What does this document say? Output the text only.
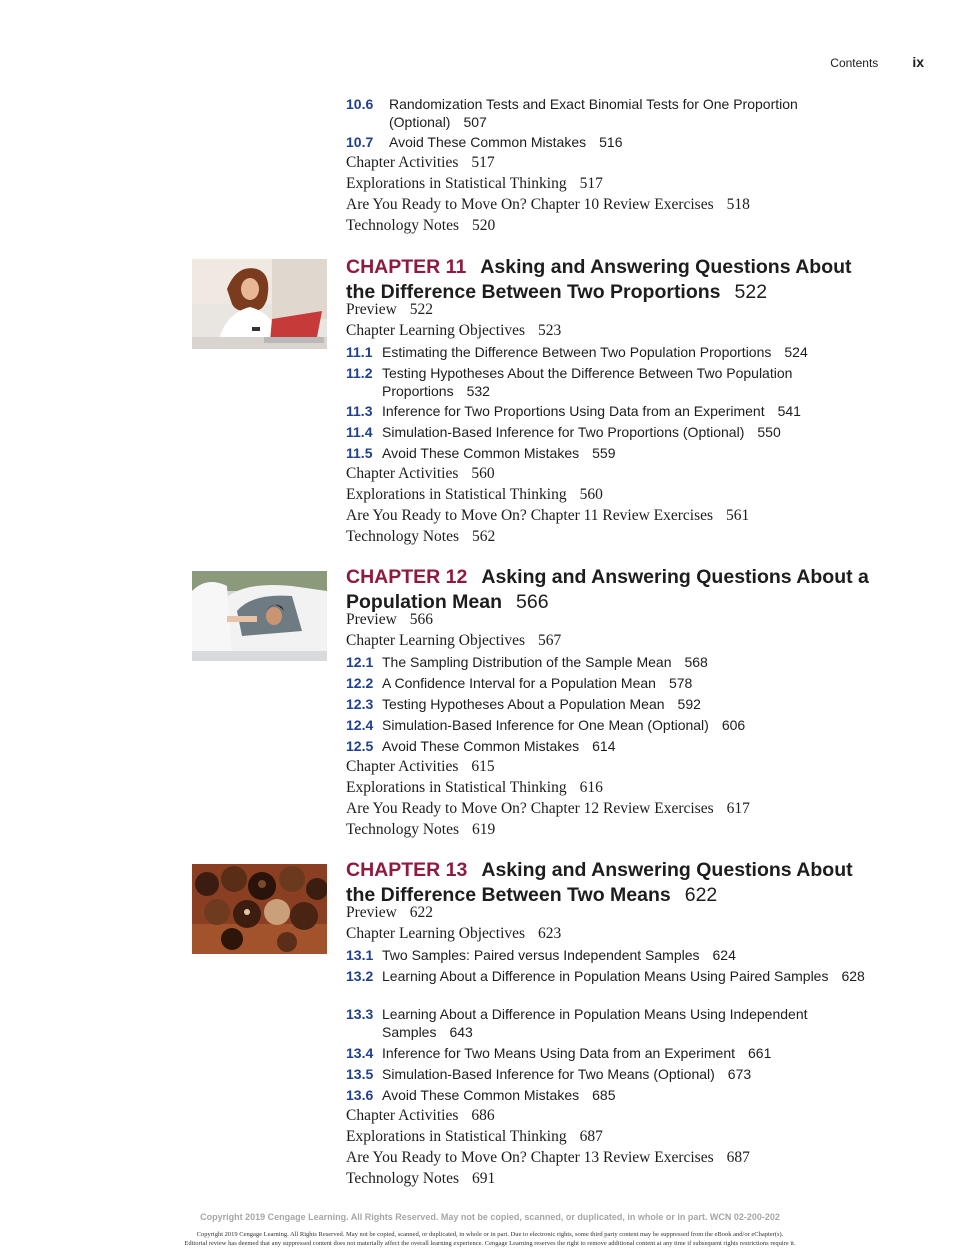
Contents ix
10.6	Randomization Tests and Exact Binomial Tests for One Proportion (Optional) 507
10.7	Avoid These Common Mistakes 516
Chapter Activities 517
Explorations in Statistical Thinking 517
Are You Ready to Move On? Chapter 10 Review Exercises 518
Technology Notes 520
CHAPTER 11 Asking and Answering Questions About the Difference Between Two Proportions 522
Preview 522
Chapter Learning Objectives 523
11.1 Estimating the Difference Between Two Population Proportions 524
11.2 Testing Hypotheses About the Difference Between Two Population Proportions 532
11.3 Inference for Two Proportions Using Data from an Experiment 541
11.4 Simulation-Based Inference for Two Proportions (Optional) 550
11.5 Avoid These Common Mistakes 559
Chapter Activities 560
Explorations in Statistical Thinking 560
Are You Ready to Move On? Chapter 11 Review Exercises 561
Technology Notes 562
CHAPTER 12 Asking and Answering Questions About a Population Mean 566
Preview 566
Chapter Learning Objectives 567
12.1 The Sampling Distribution of the Sample Mean 568
12.2 A Confidence Interval for a Population Mean 578
12.3 Testing Hypotheses About a Population Mean 592
12.4 Simulation-Based Inference for One Mean (Optional) 606
12.5 Avoid These Common Mistakes 614
Chapter Activities 615
Explorations in Statistical Thinking 616
Are You Ready to Move On? Chapter 12 Review Exercises 617
Technology Notes 619
CHAPTER 13 Asking and Answering Questions About the Difference Between Two Means 622
Preview 622
Chapter Learning Objectives 623
13.1 Two Samples: Paired versus Independent Samples 624
13.2 Learning About a Difference in Population Means Using Paired Samples 628
13.3 Learning About a Difference in Population Means Using Independent Samples 643
13.4 Inference for Two Means Using Data from an Experiment 661
13.5 Simulation-Based Inference for Two Means (Optional) 673
13.6 Avoid These Common Mistakes 685
Chapter Activities 686
Explorations in Statistical Thinking 687
Are You Ready to Move On? Chapter 13 Review Exercises 687
Technology Notes 691
Copyright 2019 Cengage Learning. All Rights Reserved. May not be copied, scanned, or duplicated, in whole or in part. WCN 02-200-202
Copyright 2019 Cengage Learning. All Rights Reserved. May not be copied, scanned, or duplicated, in whole or in part. Due to electronic rights, some third party content may be suppressed from the eBook and/or eChapter(s).
Editorial review has deemed that any suppressed content does not materially affect the overall learning experience. Cengage Learning reserves the right to remove additional content at any time if subsequent rights restrictions require it.
